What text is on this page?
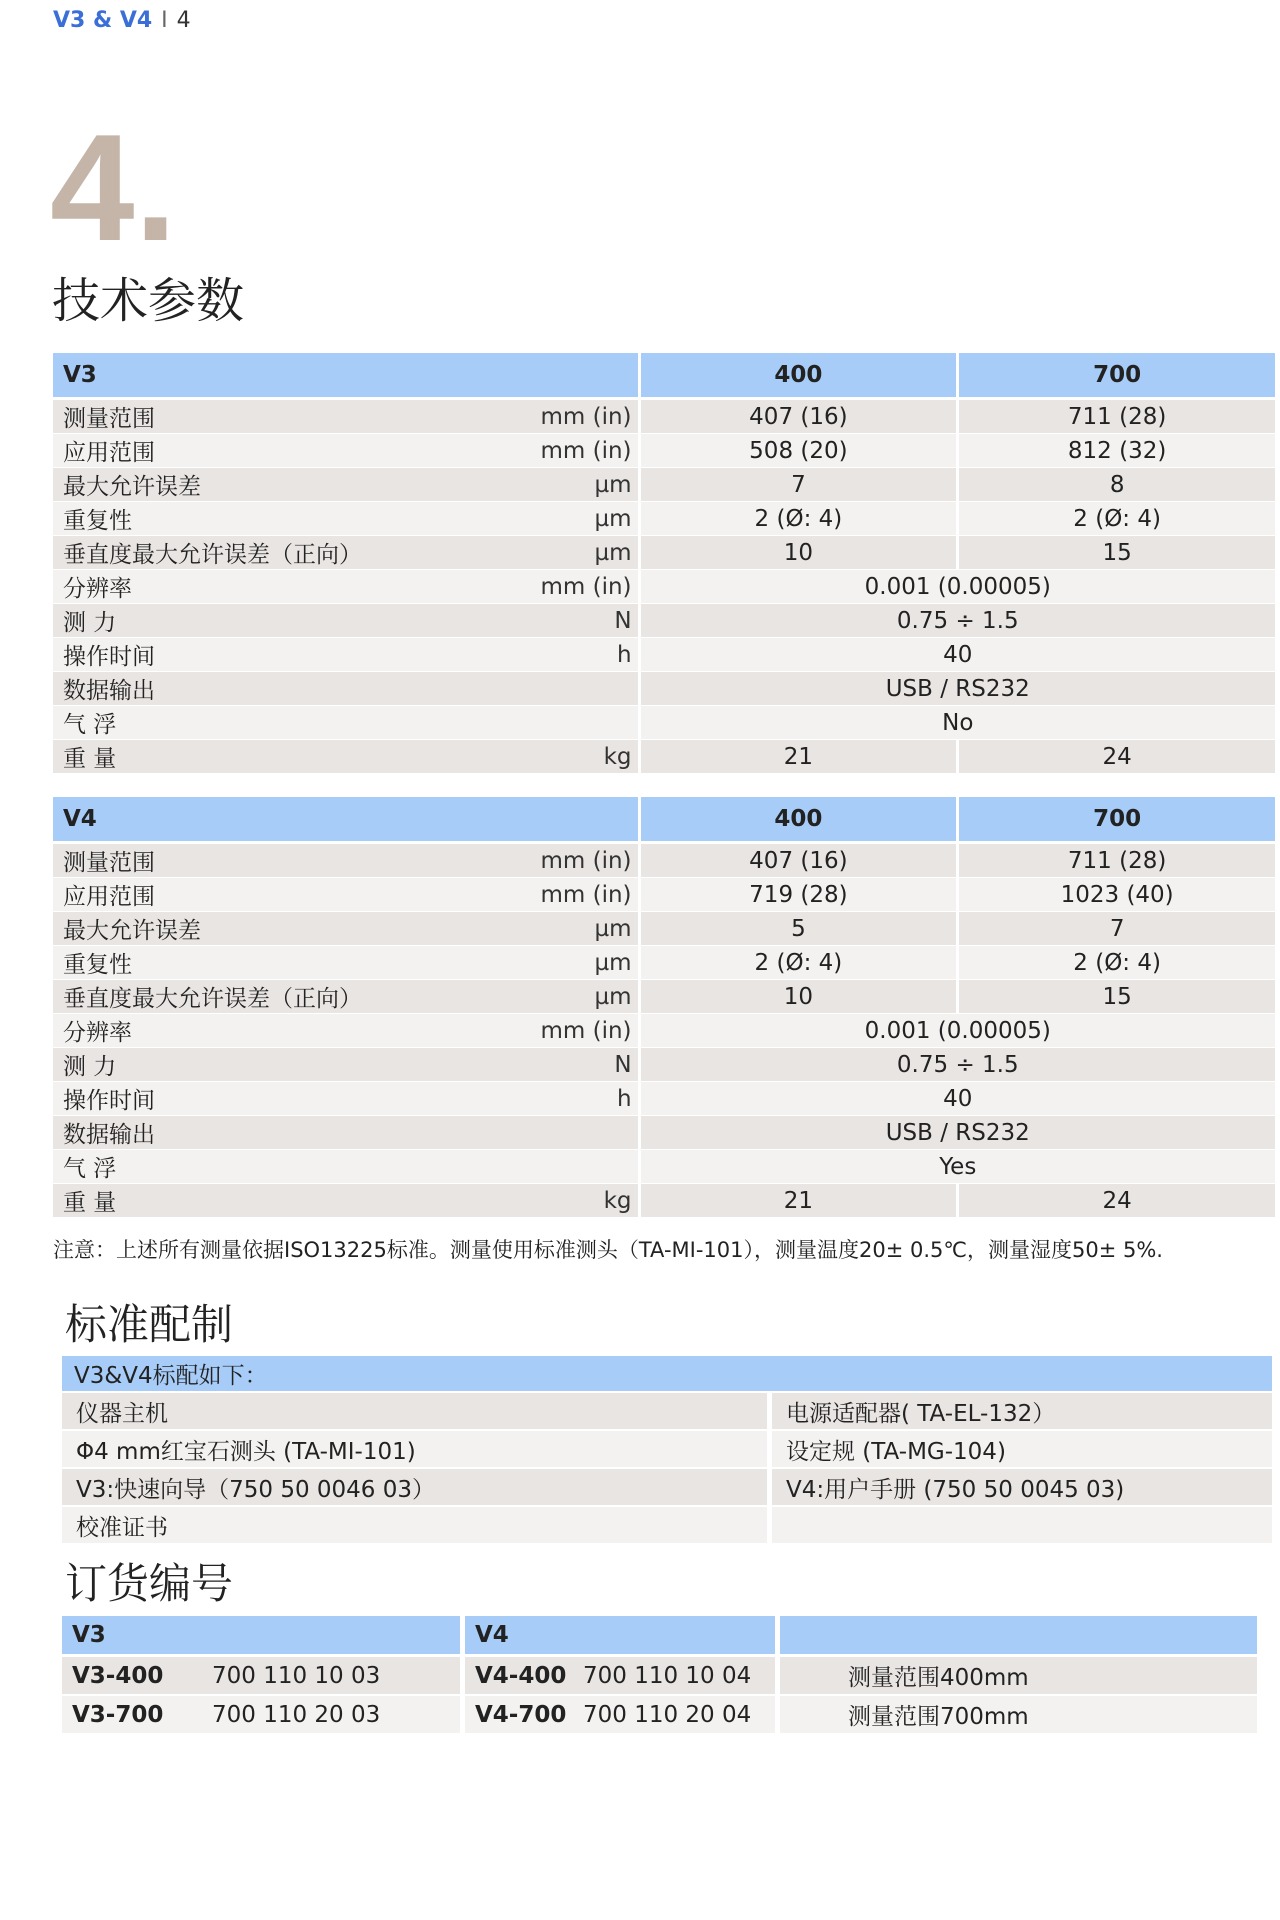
V3 & V4 I 4
4.
技术参数
V3	400	700
测量范围	mm (in)	407 (16)	711 (28)
应用范围	mm (in)	508 (20)	812 (32)
最大允许误差	µm	7	8
重复性	µm	2 (Ø: 4)	2 (Ø: 4)
垂直度最大允许误差（正向）	µm	10	15
分辨率	mm (in)	0.001 (0.00005)
测 力	N	0.75 ÷ 1.5
操作时间	h	40
数据输出	USB / RS232
气 浮	No
重 量	kg	21	24
V4	400	700
测量范围	mm (in)	407 (16)	711 (28)
应用范围	mm (in)	719 (28)	1023 (40)
最大允许误差	µm	5	7
重复性	µm	2 (Ø: 4)	2 (Ø: 4)
垂直度最大允许误差（正向）	µm	10	15
分辨率	mm (in)	0.001 (0.00005)
测 力	N	0.75 ÷ 1.5
操作时间	h	40
数据输出	USB / RS232
气 浮	Yes
重 量	kg	21	24
注意：上述所有测量依据ISO13225标准。测量使用标准测头（TA-MI-101），测量温度20± 0.5℃，测量湿度50± 5%.
标准配制
V3&V4标配如下：
仪器主机	电源适配器( TA-EL-132）
Φ4 mm红宝石测头 (TA-MI-101)	设定规 (TA-MG-104)
V3:快速向导（750 50 0046 03）	V4:用户手册 (750 50 0045 03)
校准证书
订货编号
V3	V4
V3-400	700 110 10 03	V4-400 700 110 10 04	测量范围400mm
V3-700	700 110 20 03	V4-700 700 110 20 04	测量范围700mm
